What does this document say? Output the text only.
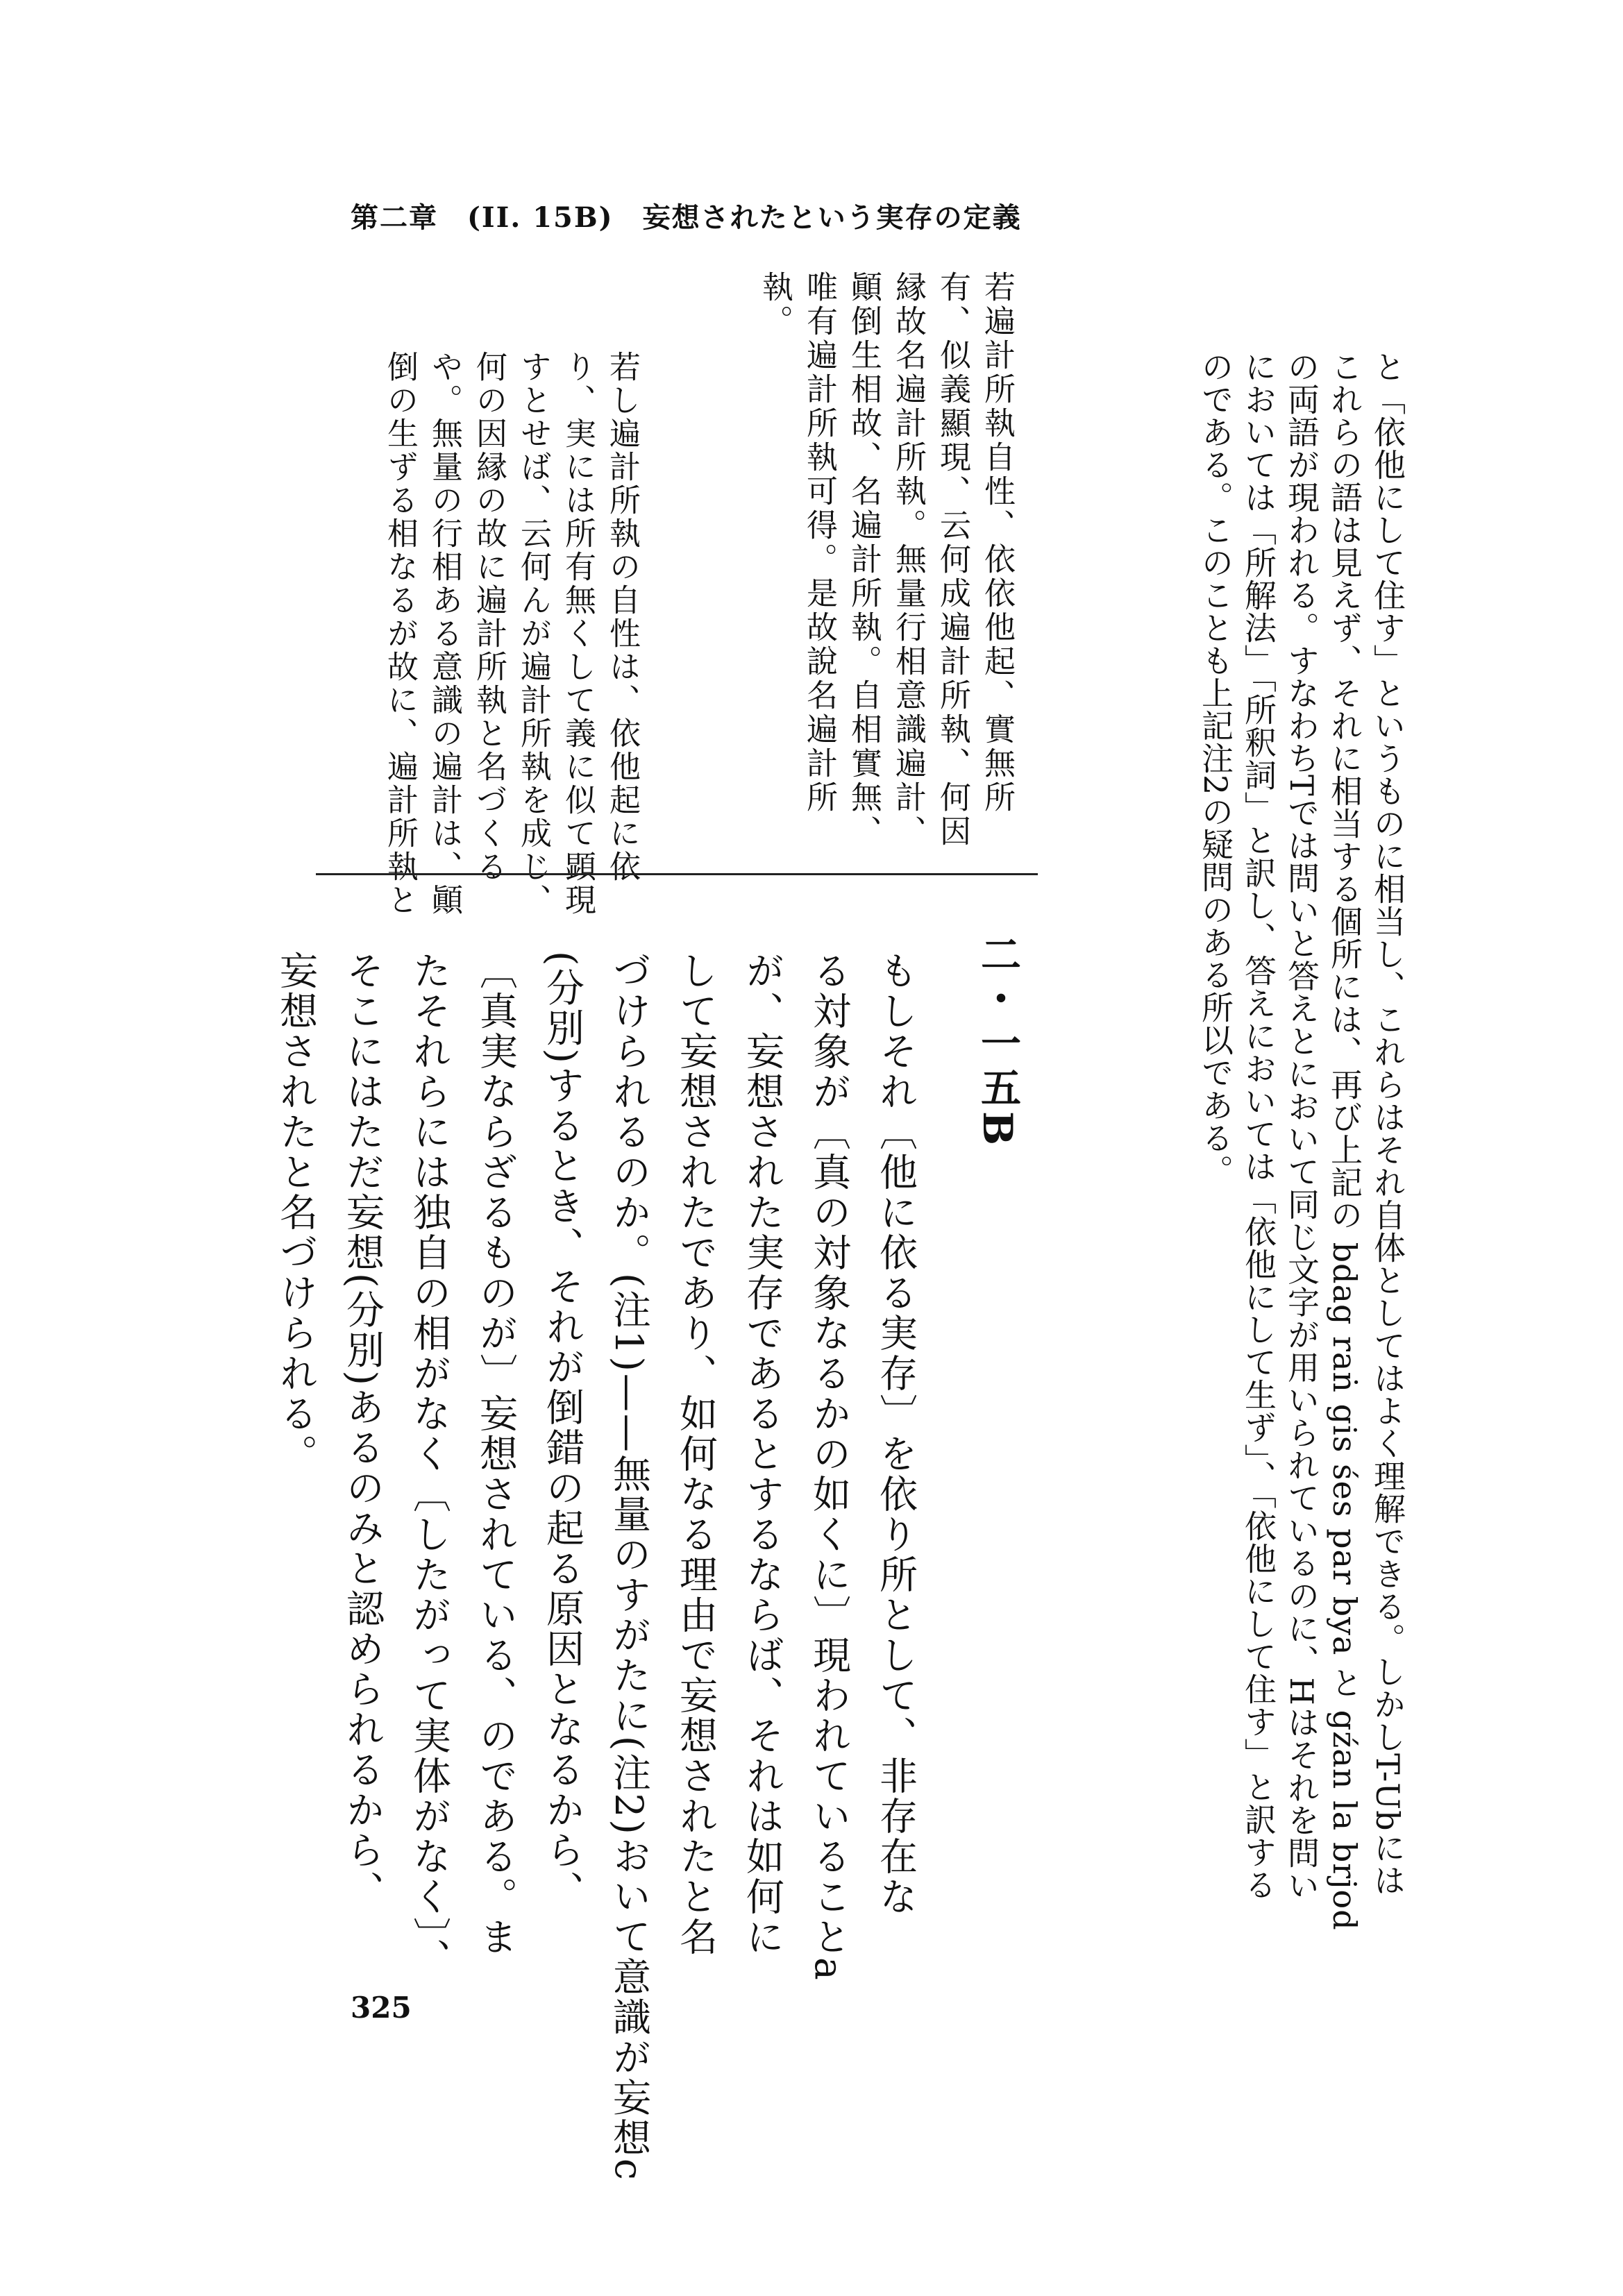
第二章　(II. 15B)　妄想されたという実存の定義
と「依他にして住す」というものに相当し、これらはそれ自体としてはよく理解できる。しかしT-Ubには
これらの語は見えず、それに相当する個所には、再び上記の bdag raṅ gis śes par bya と gźan la brjod
の両語が現われる。すなわちTでは問いと答えとにおいて同じ文字が用いられているのに、Hはそれを問い
においては「所解法」「所釈詞」と訳し、答えにおいては「依他にして生ず」、「依他にして住す」と訳する
のである。このことも上記注2の疑問のある所以である。
若遍計所執自性、依依他起、實無所
有、似義顯現、云何成遍計所執、何因
縁故名遍計所執。無量行相意識遍計、
顚倒生相故、名遍計所執。自相實無、
唯有遍計所執可得。是故說名遍計所
執。
若し遍計所執の自性は、依他起に依
り、実には所有無くして義に似て顕現
すとせば、云何んが遍計所執を成じ、
何の因縁の故に遍計所執と名づくる
や。無量の行相ある意識の遍計は、顚
倒の生ずる相なるが故に、遍計所執と
二・一五B
もしそれ〔他に依る実存〕を依り所として、非存在な
る対象が〔真の対象なるかの如くに〕現われていることa
が、妄想された実存であるとするならば、それは如何に
して妄想されたであり、如何なる理由で妄想されたと名
づけられるのか。(注1)——無量のすがたに(注2)おいて意識が妄想c
(分別)するとき、それが倒錯の起る原因となるから、
〔真実ならざるものが〕妄想されている、のである。ま
たそれらには独自の相がなく〔したがって実体がなく〕、
そこにはただ妄想(分別)あるのみと認められるから、
妄想されたと名づけられる。
325
